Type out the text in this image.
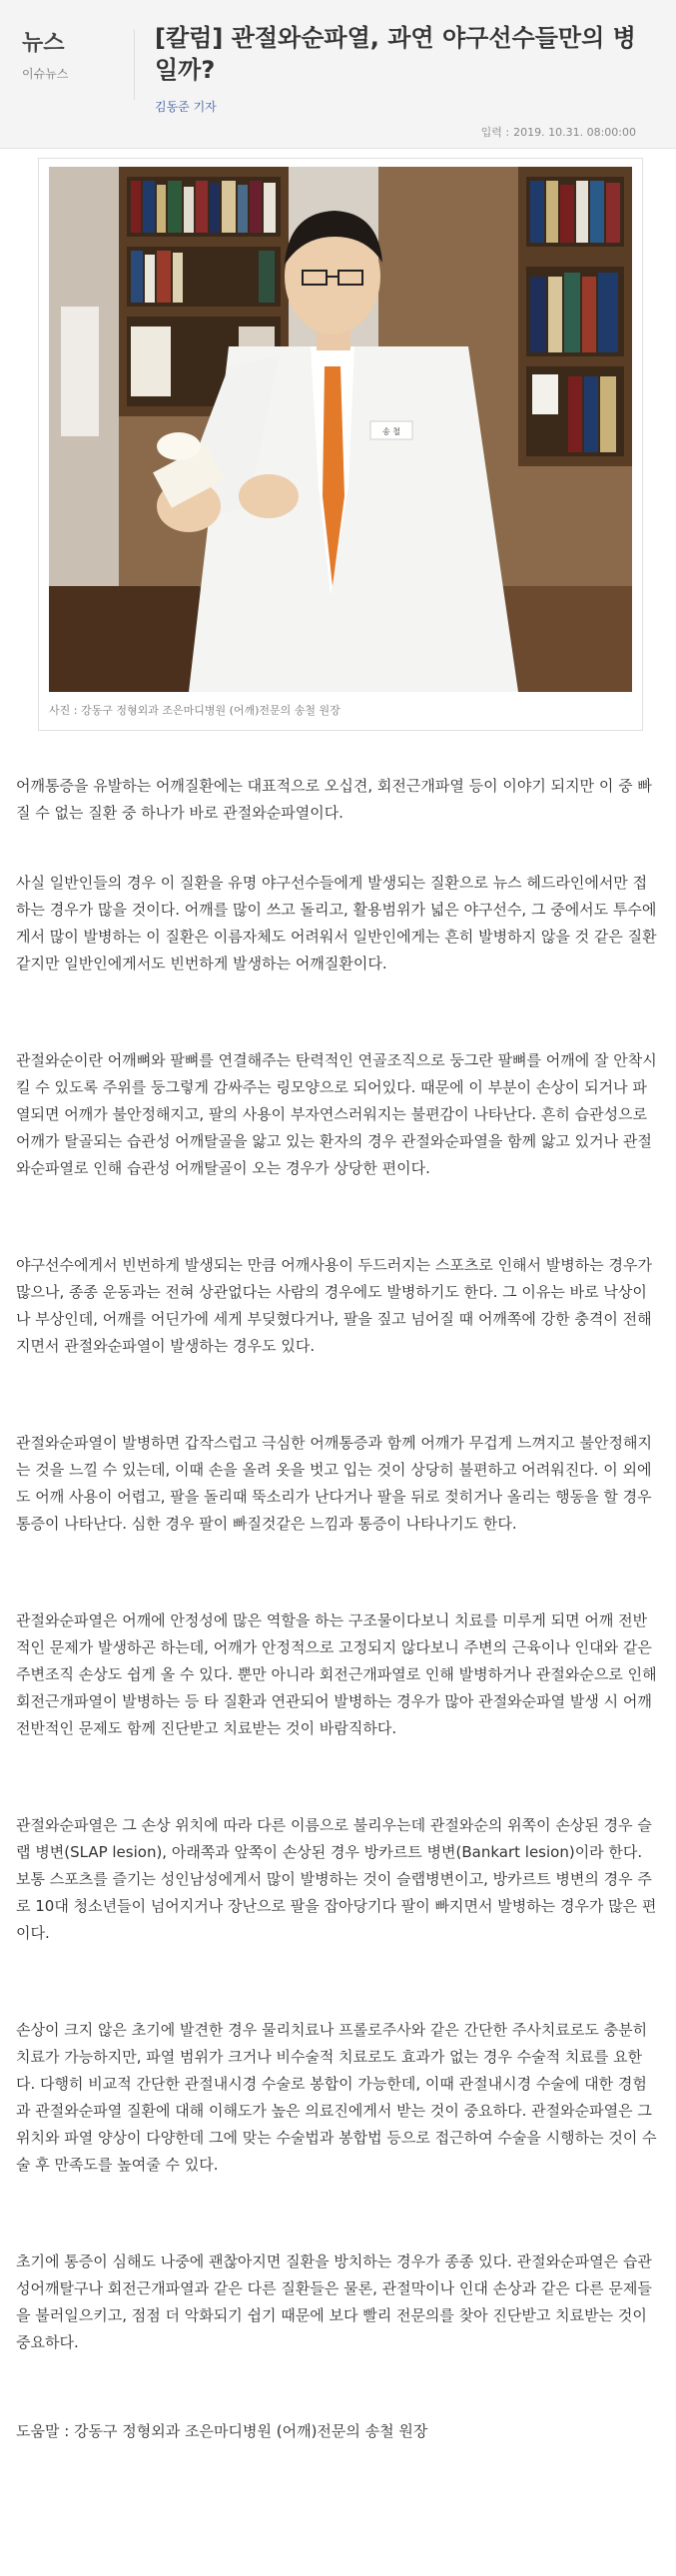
뉴스
이슈뉴스
[칼럼] 관절와순파열, 과연 야구선수들만의 병일까?
김동준 기자
입력 : 2019. 10.31. 08:00:00
송 철
사진 : 강동구 정형외과 조은마디병원 (어깨)전문의 송철 원장

어깨통증을 유발하는 어깨질환에는 대표적으로 오십견, 회전근개파열 등이 이야기 되지만 이 중 빠질 수 없는 질환 중 하나가 바로 관절와순파열이다.

사실 일반인들의 경우 이 질환을 유명 야구선수들에게 발생되는 질환으로 뉴스 헤드라인에서만 접하는 경우가 많을 것이다. 어깨를 많이 쓰고 돌리고, 활용범위가 넓은 야구선수, 그 중에서도 투수에게서 많이 발병하는 이 질환은 이름자체도 어려워서 일반인에게는 흔히 발병하지 않을 것 같은 질환 같지만 일반인에게서도 빈번하게 발생하는 어깨질환이다.

관절와순이란 어깨뼈와 팔뼈를 연결해주는 탄력적인 연골조직으로 둥그란 팔뼈를 어깨에 잘 안착시킬 수 있도록 주위를 둥그렇게 감싸주는 링모양으로 되어있다. 때문에 이 부분이 손상이 되거나 파열되면 어깨가 불안정해지고, 팔의 사용이 부자연스러워지는 불편감이 나타난다. 흔히 습관성으로 어깨가 탈골되는 습관성 어깨탈골을 앓고 있는 환자의 경우 관절와순파열을 함께 앓고 있거나 관절와순파열로 인해 습관성 어깨탈골이 오는 경우가 상당한 편이다.

야구선수에게서 빈번하게 발생되는 만큼 어깨사용이 두드러지는 스포츠로 인해서 발병하는 경우가 많으나, 종종 운동과는 전혀 상관없다는 사람의 경우에도 발병하기도 한다. 그 이유는 바로 낙상이나 부상인데, 어깨를 어딘가에 세게 부딪혔다거나, 팔을 짚고 넘어질 때 어깨쪽에 강한 충격이 전해지면서 관절와순파열이 발생하는 경우도 있다.

관절와순파열이 발병하면 갑작스럽고 극심한 어깨통증과 함께 어깨가 무겁게 느껴지고 불안정해지는 것을 느낄 수 있는데, 이때 손을 올려 옷을 벗고 입는 것이 상당히 불편하고 어려워진다. 이 외에도 어깨 사용이 어렵고, 팔을 돌리때 뚝소리가 난다거나 팔을 뒤로 젖히거나 올리는 행동을 할 경우 통증이 나타난다. 심한 경우 팔이 빠질것같은 느낌과 통증이 나타나기도 한다.

관절와순파열은 어깨에 안정성에 많은 역할을 하는 구조물이다보니 치료를 미루게 되면 어깨 전반적인 문제가 발생하곤 하는데, 어깨가 안정적으로 고정되지 않다보니 주변의 근육이나 인대와 같은 주변조직 손상도 쉽게 올 수 있다. 뿐만 아니라 회전근개파열로 인해 발병하거나 관절와순으로 인해 회전근개파열이 발병하는 등 타 질환과 연관되어 발병하는 경우가 많아 관절와순파열 발생 시 어깨 전반적인 문제도 함께 진단받고 치료받는 것이 바람직하다.

관절와순파열은 그 손상 위치에 따라 다른 이름으로 불리우는데 관절와순의 위쪽이 손상된 경우 슬랩 병변(SLAP lesion), 아래쪽과 앞쪽이 손상된 경우 방카르트 병변(Bankart lesion)이라 한다. 보통 스포츠를 즐기는 성인남성에게서 많이 발병하는 것이 슬랩병변이고, 방카르트 병변의 경우 주로 10대 청소년들이 넘어지거나 장난으로 팔을 잡아당기다 팔이 빠지면서 발병하는 경우가 많은 편이다.

손상이 크지 않은 초기에 발견한 경우 물리치료나 프롤로주사와 같은 간단한 주사치료로도 충분히 치료가 가능하지만, 파열 범위가 크거나 비수술적 치료로도 효과가 없는 경우 수술적 치료를 요한다. 다행히 비교적 간단한 관절내시경 수술로 봉합이 가능한데, 이때 관절내시경 수술에 대한 경험과 관절와순파열 질환에 대해 이해도가 높은 의료진에게서 받는 것이 중요하다. 관절와순파열은 그 위치와 파열 양상이 다양한데 그에 맞는 수술법과 봉합법 등으로 접근하여 수술을 시행하는 것이 수술 후 만족도를 높여줄 수 있다.

초기에 통증이 심해도 나중에 괜찮아지면 질환을 방치하는 경우가 종종 있다. 관절와순파열은 습관성어깨탈구나 회전근개파열과 같은 다른 질환들은 물론, 관절막이나 인대 손상과 같은 다른 문제들을 불러일으키고, 점점 더 악화되기 쉽기 때문에 보다 빨리 전문의를 찾아 진단받고 치료받는 것이 중요하다.

도움말 : 강동구 정형외과 조은마디병원 (어깨)전문의 송철 원장
